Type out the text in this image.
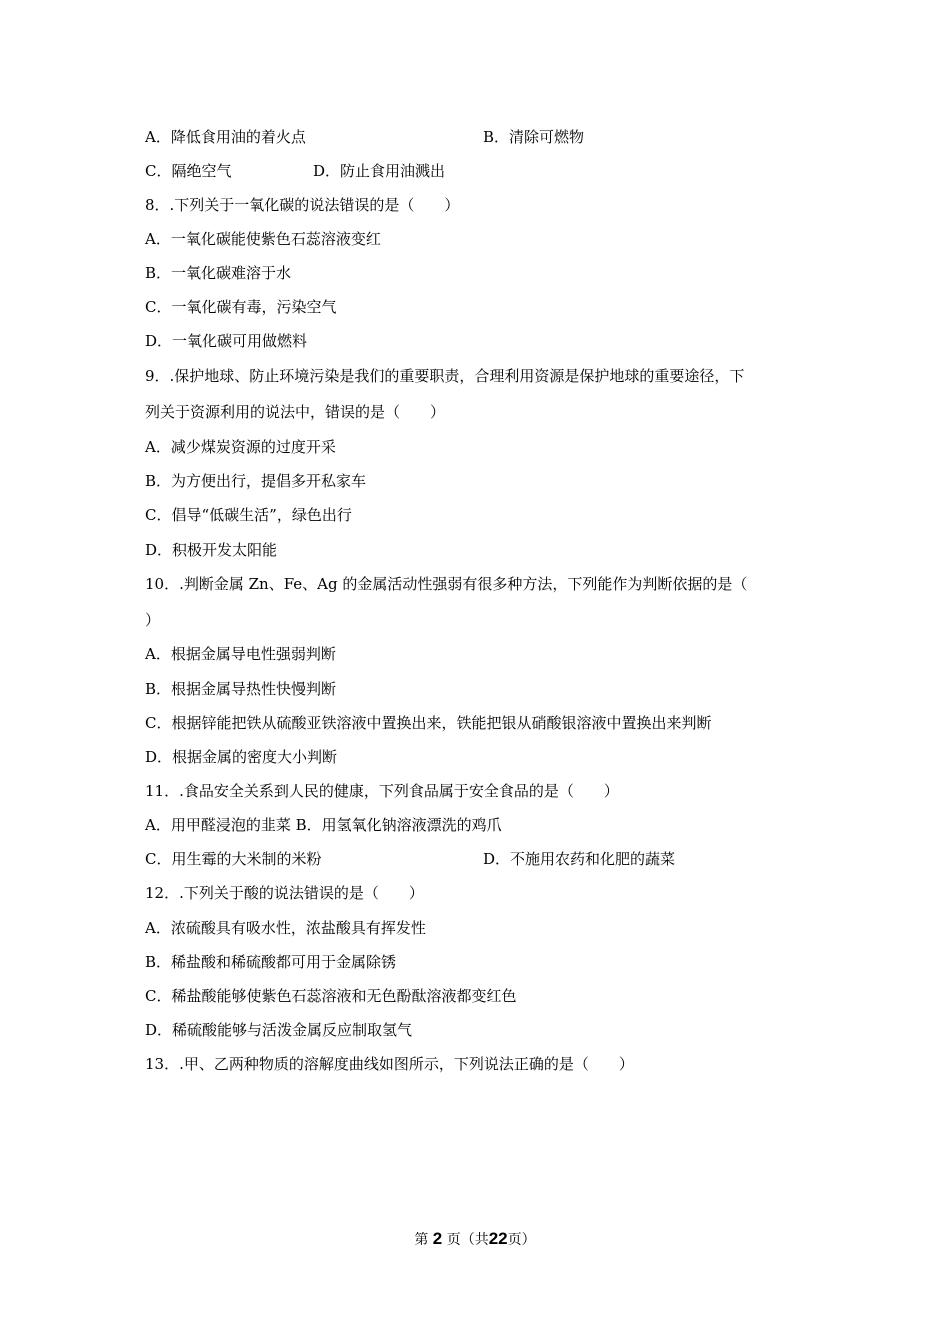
A．降低食用油的着火点	B．清除可燃物
C．隔绝空气	D．防止食用油溅出
8．.下列关于一氧化碳的说法错误的是（　　）
A．一氧化碳能使紫色石蕊溶液变红
B．一氧化碳难溶于水
C．一氧化碳有毒，污染空气
D．一氧化碳可用做燃料
9．.保护地球、防止环境污染是我们的重要职责，合理利用资源是保护地球的重要途径，下
列关于资源利用的说法中，错误的是（　　）
A．减少煤炭资源的过度开采
B．为方便出行，提倡多开私家车
C．倡导“低碳生活”，绿色出行
D．积极开发太阳能
10．.判断金属 Zn、Fe、Ag 的金属活动性强弱有很多种方法，下列能作为判断依据的是（
）
A．根据金属导电性强弱判断
B．根据金属导热性快慢判断
C．根据锌能把铁从硫酸亚铁溶液中置换出来，铁能把银从硝酸银溶液中置换出来判断
D．根据金属的密度大小判断
11．.食品安全关系到人民的健康，下列食品属于安全食品的是（　　）
A．用甲醛浸泡的韭菜 B．用氢氧化钠溶液漂洗的鸡爪
C．用生霉的大米制的米粉	D．不施用农药和化肥的蔬菜
12．.下列关于酸的说法错误的是（　　）
A．浓硫酸具有吸水性，浓盐酸具有挥发性
B．稀盐酸和稀硫酸都可用于金属除锈
C．稀盐酸能够使紫色石蕊溶液和无色酚酞溶液都变红色
D．稀硫酸能够与活泼金属反应制取氢气
13．.甲、乙两种物质的溶解度曲线如图所示，下列说法正确的是（　　）
第 2 页（共22页）
